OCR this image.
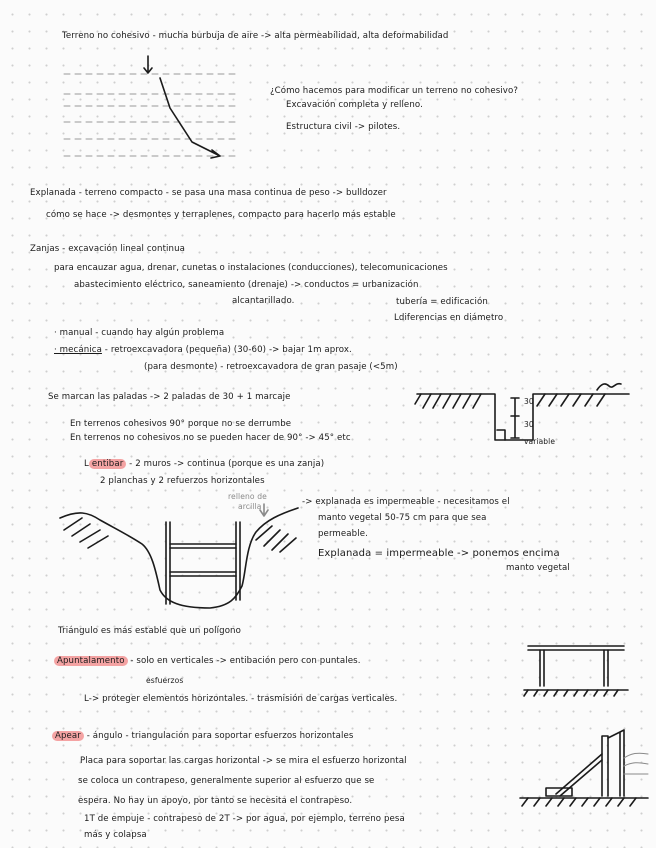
Terreno no cohesivo - mucha burbuja de aire -> alta permeabilidad, alta deformabilidad
¿Cómo hacemos para modificar un terreno no cohesivo?
Excavación completa y relleno.
Estructura civil -> pilotes.
Explanada - terreno compacto - se pasa una masa continua de peso -> bulldozer
cómo se hace -> desmontes y terraplenes, compacto para hacerlo más estable
Zanjas - excavación lineal continua
para encauzar agua, drenar, cunetas o instalaciones (conducciones), telecomunicaciones
abastecimiento eléctrico, saneamiento (drenaje) -> conductos = urbanización
alcantarillado.	tubería = edificación
Ldiferencias en diámetro
· manual - cuando hay algún problema
· mecánica - retroexcavadora (pequeña) (30-60) -> bajar 1m aprox.
(para desmonte) - retroexcavadora de gran pasaje (<5m)
Se marcan las paladas -> 2 paladas de 30 + 1 marcaje
En terrenos cohesivos 90° porque no se derrumbe
En terrenos no cohesivos no se pueden hacer de 90° -> 45° etc
30
30
variable
L entibar - 2 muros -> continua (porque es una zanja)
2 planchas y 2 refuerzos horizontales
relleno de
arcilla	-> explanada es impermeable - necesitamos el
manto vegetal 50-75 cm para que sea
permeable.
Explanada = impermeable -> ponemos encima
manto vegetal
Triángulo es más estable que un polígono
Apuntalamento - solo en verticales -> entibación pero con puntales.
esfuerzos
L-> proteger elementos horizontales. - trasmisión de cargas verticales.
Apear - ángulo - triangulación para soportar esfuerzos horizontales
Placa para soportar las cargas horizontal -> se mira el esfuerzo horizontal
se coloca un contrapeso, generalmente superior al esfuerzo que se
espera. No hay un apoyo, por tanto se necesita el contrapeso.
1T de empuje - contrapeso de 2T -> por agua, por ejemplo, terreno pesa
más y colapsa
